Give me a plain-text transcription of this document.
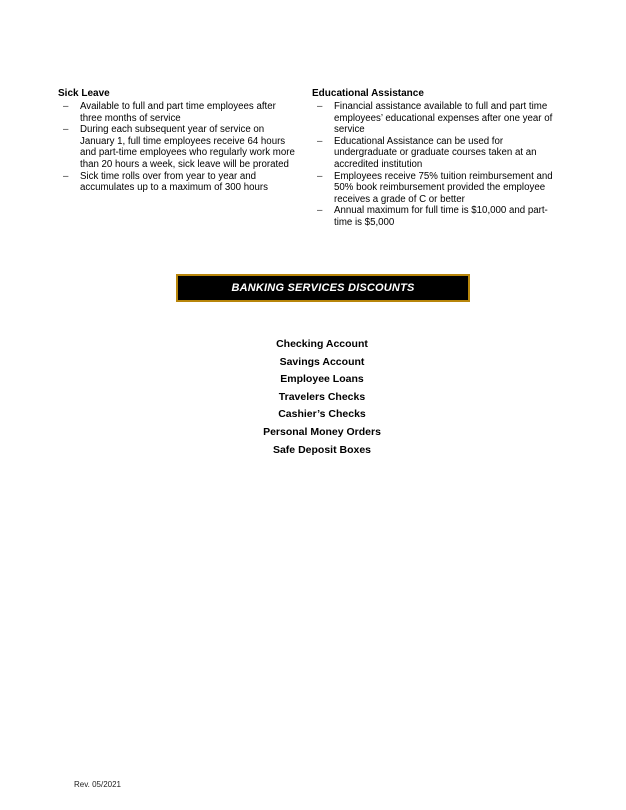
Sick Leave
– Available to full and part time employees after three months of service
– During each subsequent year of service on January 1, full time employees receive 64 hours and part-time employees who regularly work more than 20 hours a week, sick leave will be prorated
– Sick time rolls over from year to year and accumulates up to a maximum of 300 hours
Educational Assistance
– Financial assistance available to full and part time employees’ educational expenses after one year of service
– Educational Assistance can be used for undergraduate or graduate courses taken at an accredited institution
– Employees receive 75% tuition reimbursement and 50% book reimbursement provided the employee receives a grade of C or better
– Annual maximum for full time is $10,000 and part-time is $5,000
BANKING SERVICES DISCOUNTS
Checking Account
Savings Account
Employee Loans
Travelers Checks
Cashier’s Checks
Personal Money Orders
Safe Deposit Boxes
Rev. 05/2021
